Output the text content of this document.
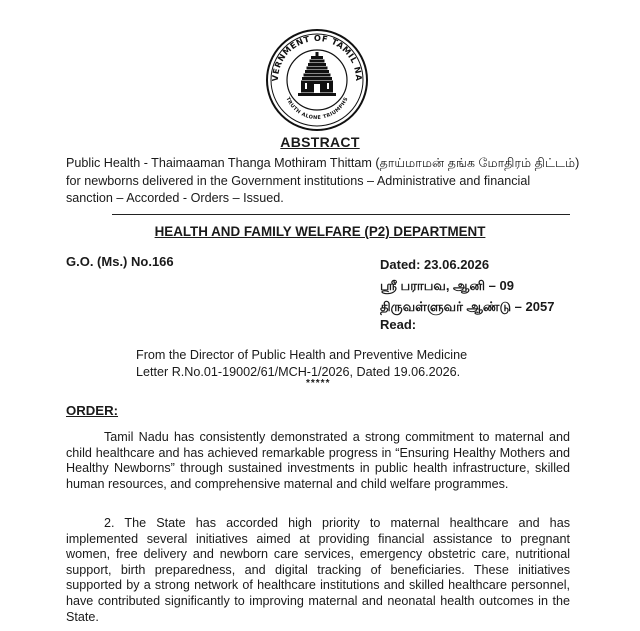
VERNMENT OF TAMIL NA
TRUTH ALONE TRIUMPHS
ABSTRACT
Public Health - Thaimaaman Thanga Mothiram Thittam (தாய்மாமன் தங்க மோதிரம் திட்டம்) for newborns delivered in the Government institutions – Administrative and financial sanction – Accorded - Orders – Issued.
HEALTH AND FAMILY WELFARE (P2) DEPARTMENT
G.O. (Ms.) No.166	Dated: 23.06.2026
ஸ்ரீ பராபவ, ஆனி – 09
திருவள்ளுவர் ஆண்டு – 2057
Read:
From the Director of Public Health and Preventive Medicine
Letter R.No.01-19002/61/MCH-1/2026, Dated 19.06.2026.
*****
ORDER:
Tamil Nadu has consistently demonstrated a strong commitment to maternal and child healthcare and has achieved remarkable progress in “Ensuring Healthy Mothers and Healthy Newborns” through sustained investments in public health infrastructure, skilled human resources, and comprehensive maternal and child welfare programmes.
2. The State has accorded high priority to maternal healthcare and has implemented several initiatives aimed at providing financial assistance to pregnant women, free delivery and newborn care services, emergency obstetric care, nutritional support, birth preparedness, and digital tracking of beneficiaries. These initiatives supported by a strong network of healthcare institutions and skilled healthcare personnel, have contributed significantly to improving maternal and neonatal health outcomes in the State.
